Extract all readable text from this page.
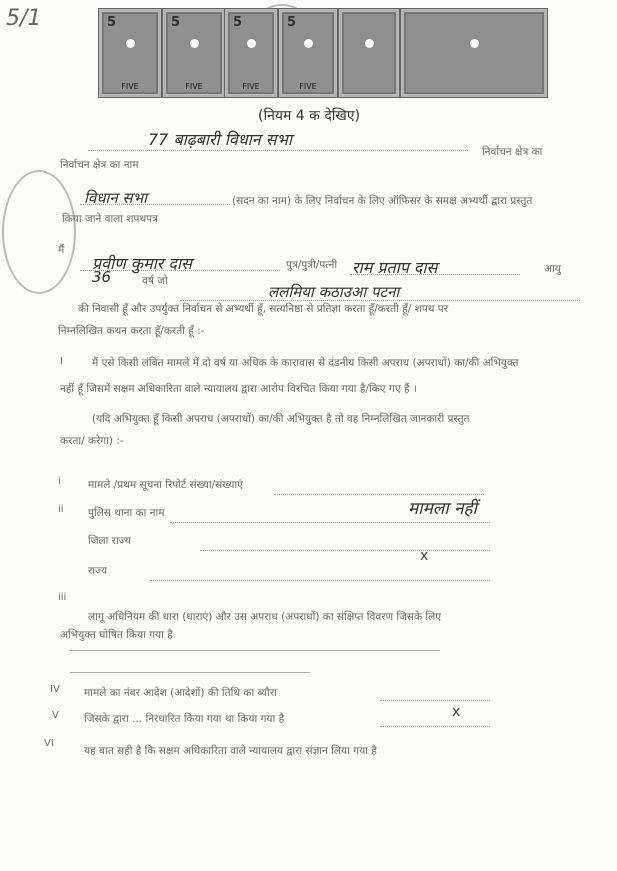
5/1	5
FIVE
5
FIVE
5
FIVE
5
FIVE
(नियम 4 क देखिए)
77 बाढ़बारी विधान सभा
निर्वाचन क्षेत्र का
निर्वाचन क्षेत्र का नाम
विधान सभा	(सदन का नाम) के लिए निर्वाचन के लिए ऑफिसर के समक्ष अभ्यर्थी द्वारा प्रस्तुत
किया जाने वाला शपथपत्र
मैं
प्रवीण कुमार दास	पुत्र/पुत्री/पत्नी राम प्रताप दास	आयु
36	वर्ष जो
ललमिया कठाउआ पटना
की निवासी हूँ और उपर्युक्त निर्वाचन से अभ्यर्थी हूँ, सत्यनिष्ठा से प्रतिज्ञा करता हूँ/करती हूँ/ शपथ पर
निम्नलिखित कथन करता हूँ/करती हूँ :-
I	मैं एसे किसी लंबित मामले में दो वर्ष या अधिक के कारावास से दंडनीय किसी अपराध (अपराधों) का/की अभियुक्त
नहीं हूँ जिसमें सक्षम अधिकारिता वाले न्यायालय द्वारा आरोप विरचित किया गया है/किए गए हैं ।
(यदि अभियुक्त हूँ किसी अपराध (अपराधों) का/की अभियुक्त है तो वह निम्नलिखित जानकारी प्रस्तुत
करता/ करेगा) :-
i	मामले /प्रथम सूचना रिपोर्ट संख्या/संख्याएं
मामला नहीं
ii पुलिस थाना का नाम
जिला राज्य
x
राज्य
iii
लागू अधिनियम की धारा (धाराएं) और उस अपराध (अपराधों) का संक्षिप्त विवरण जिसके लिए
अभियुक्त घोषित किया गया है
IV मामले का नंबर आदेश (आदेशों) की तिथि का ब्यौरा
V जिसके द्वारा ... निरधारित किया गया था किया गया है	x
VI
यह बात सही है कि सक्षम अधिकारिता वाले न्यायालय द्वारा संज्ञान लिया गया है
